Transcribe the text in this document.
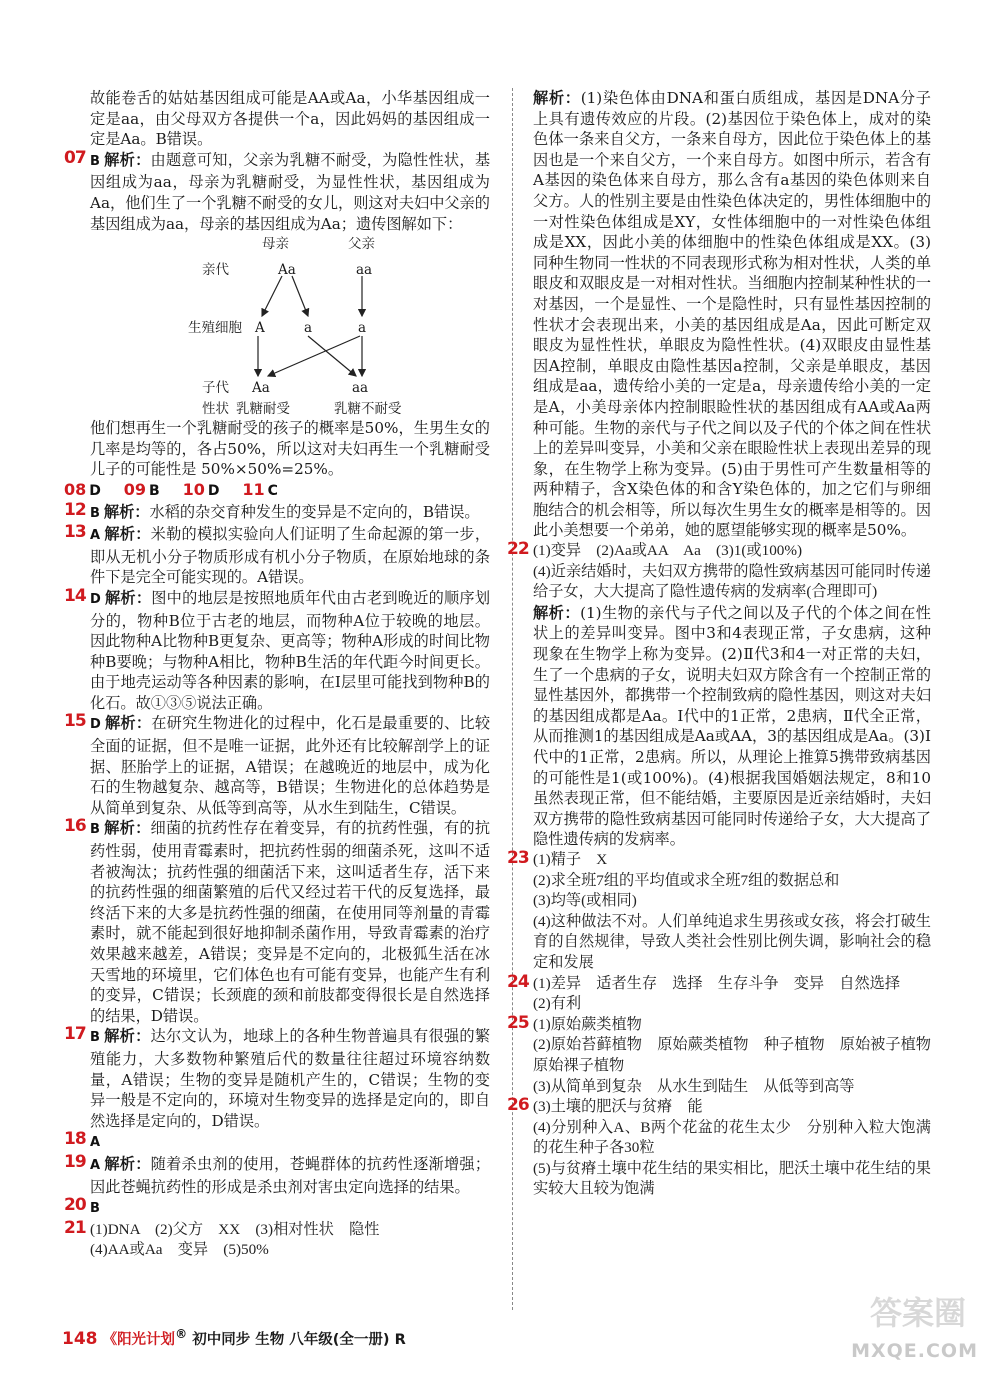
故能卷舌的姑姑基因组成可能是AA或Aa，小华基因组成一定是aa，由父母双方各提供一个a，因此妈妈的基因组成一定是Aa。B错误。

07 B 解析：由题意可知，父亲为乳糖不耐受，为隐性性状，基因组成为aa，母亲为乳糖耐受，为显性性状，基因组成为Aa，他们生了一个乳糖不耐受的女儿，则这对夫妇中父亲的基因组成为aa，母亲的基因组成为Aa；遗传图解如下：

母亲	父亲
亲代	Aa	aa
生殖细胞 A	a	a
子代 Aa	aa
性状 乳糖耐受	乳糖不耐受

他们想再生一个乳糖耐受的孩子的概率是50%，生男生女的几率是均等的，各占50%，所以这对夫妇再生一个乳糖耐受儿子的可能性是 50%×50%=25%。

08 D 09 B 10 D 11 C
12 B 解析：水稻的杂交育种发生的变异是不定向的，B错误。

13 A 解析：米勒的模拟实验向人们证明了生命起源的第一步，即从无机小分子物质形成有机小分子物质，在原始地球的条件下是完全可能实现的。A错误。

14 D 解析：图中的地层是按照地质年代由古老到晚近的顺序划分的，物种B位于古老的地层，而物种A位于较晚的地层。因此物种A比物种B更复杂、更高等；物种A形成的时间比物种B要晚；与物种A相比，物种B生活的年代距今时间更长。由于地壳运动等各种因素的影响，在Ⅰ层里可能找到物种B的化石。故①③⑤说法正确。

15 D 解析：在研究生物进化的过程中，化石是最重要的、比较全面的证据，但不是唯一证据，此外还有比较解剖学上的证据、胚胎学上的证据，A错误；在越晚近的地层中，成为化石的生物越复杂、越高等，B错误；生物进化的总体趋势是从简单到复杂、从低等到高等，从水生到陆生，C错误。

16 B 解析：细菌的抗药性存在着变异，有的抗药性强，有的抗药性弱，使用青霉素时，把抗药性弱的细菌杀死，这叫不适者被淘汰；抗药性强的细菌活下来，这叫适者生存，活下来的抗药性强的细菌繁殖的后代又经过若干代的反复选择，最终活下来的大多是抗药性强的细菌，在使用同等剂量的青霉素时，就不能起到很好地抑制杀菌作用，导致青霉素的治疗效果越来越差，A错误；变异是不定向的，北极狐生活在冰天雪地的环境里，它们体色也有可能有变异，也能产生有利的变异，C错误；长颈鹿的颈和前肢都变得很长是自然选择的结果，D错误。

17 B 解析：达尔文认为，地球上的各种生物普遍具有很强的繁殖能力，大多数物种繁殖后代的数量往往超过环境容纳数量，A错误；生物的变异是随机产生的，C错误；生物的变异一般是不定向的，环境对生物变异的选择是定向的，即自然选择是定向的，D错误。

18 A

19 A 解析：随着杀虫剂的使用，苍蝇群体的抗药性逐渐增强；因此苍蝇抗药性的形成是杀虫剂对害虫定向选择的结果。

20 B

21 (1)DNA　(2)父方　XX　(3)相对性状　隐性
(4)AA或Aa　变异　(5)50%

解析：(1)染色体由DNA和蛋白质组成，基因是DNA分子上具有遗传效应的片段。(2)基因位于染色体上，成对的染色体一条来自父方，一条来自母方，因此位于染色体上的基因也是一个来自父方，一个来自母方。如图中所示，若含有A基因的染色体来自母方，那么含有a基因的染色体则来自父方。人的性别主要是由性染色体决定的，男性体细胞中的一对性染色体组成是XY，女性体细胞中的一对性染色体组成是XX，因此小美的体细胞中的性染色体组成是XX。(3)同种生物同一性状的不同表现形式称为相对性状，人类的单眼皮和双眼皮是一对相对性状。当细胞内控制某种性状的一对基因，一个是显性、一个是隐性时，只有显性基因控制的性状才会表现出来，小美的基因组成是Aa，因此可断定双眼皮为显性性状，单眼皮为隐性性状。(4)双眼皮由显性基因A控制，单眼皮由隐性基因a控制，父亲是单眼皮，基因组成是aa，遗传给小美的一定是a，母亲遗传给小美的一定是A，小美母亲体内控制眼睑性状的基因组成有AA或Aa两种可能。生物的亲代与子代之间以及子代的个体之间在性状上的差异叫变异，小美和父亲在眼睑性状上表现出差异的现象，在生物学上称为变异。(5)由于男性可产生数量相等的两种精子，含X染色体的和含Y染色体的，加之它们与卵细胞结合的机会相等，所以每次生男生女的概率是相等的。因此小美想要一个弟弟，她的愿望能够实现的概率是50%。

22 (1)变异　(2)Aa或AA　Aa　(3)1(或100%)
(4)近亲结婚时，夫妇双方携带的隐性致病基因可能同时传递给子女，大大提高了隐性遗传病的发病率(合理即可)

解析：(1)生物的亲代与子代之间以及子代的个体之间在性状上的差异叫变异。图中3和4表现正常，子女患病，这种现象在生物学上称为变异。(2)Ⅱ代3和4一对正常的夫妇，生了一个患病的子女，说明夫妇双方除含有一个控制正常的显性基因外，都携带一个控制致病的隐性基因，则这对夫妇的基因组成都是Aa。Ⅰ代中的1正常，2患病，Ⅱ代全正常，从而推测1的基因组成是Aa或AA，3的基因组成是Aa。(3)Ⅰ代中的1正常，2患病。所以，从理论上推算5携带致病基因的可能性是1(或100%)。(4)根据我国婚姻法规定，8和10虽然表现正常，但不能结婚，主要原因是近亲结婚时，夫妇双方携带的隐性致病基因可能同时传递给子女，大大提高了隐性遗传病的发病率。

23 (1)精子　X
(2)求全班7组的平均值或求全班7组的数据总和
(3)均等(或相同)
(4)这种做法不对。人们单纯追求生男孩或女孩，将会打破生育的自然规律，导致人类社会性别比例失调，影响社会的稳定和发展
24 (1)差异　适者生存　选择　生存斗争　变异　自然选择
(2)有利
25 (1)原始蕨类植物
(2)原始苔藓植物　原始蕨类植物　种子植物　原始被子植物　原始裸子植物
(3)从简单到复杂　从水生到陆生　从低等到高等
26 (3)土壤的肥沃与贫瘠　能
(4)分别种入A、B两个花盆的花生太少　分别种入粒大饱满的花生种子各30粒
(5)与贫瘠土壤中花生结的果实相比，肥沃土壤中花生结的果实较大且较为饱满
148 《阳光计划® 初中同步 生物 八年级(全一册) R
答案圈
MXQE.COM
